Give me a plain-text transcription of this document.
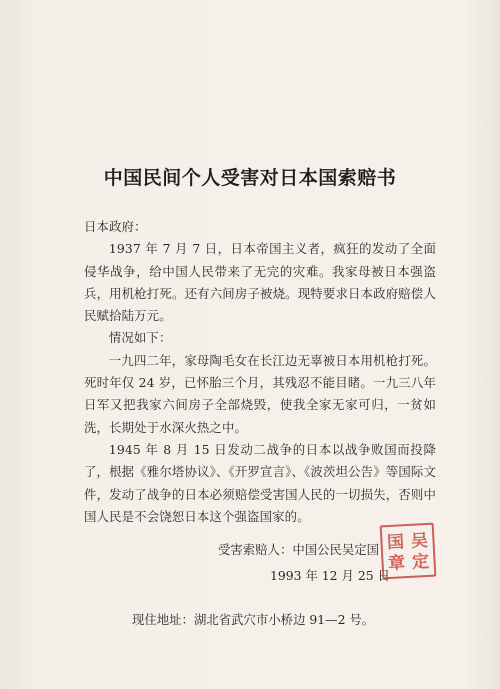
中国民间个人受害对日本国索赔书

日本政府：

1937 年 7 月 7 日，日本帝国主义者，疯狂的发动了全面侵华战争，给中国人民带来了无完的灾难。我家母被日本强盗兵，用机枪打死。还有六间房子被烧。现特要求日本政府赔偿人民赋拾陆万元。

情况如下：

一九四二年，家母陶毛女在长江边无辜被日本用机枪打死。死时年仅 24 岁，已怀胎三个月，其残忍不能目睹。一九三八年日军又把我家六间房子全部烧毁，使我全家无家可归，一贫如洗，长期处于水深火热之中。

1945 年 8 月 15 日发动二战争的日本以战争败国而投降了，根据《雅尔塔协议》、《开罗宣言》、《波茨坦公告》等国际文件，发动了战争的日本必须赔偿受害国人民的一切损失，否则中国人民是不会饶恕日本这个强盗国家的。

受害索赔人：中国公民吴定国
1993 年 12 月 25 日
吴
定
国
章
现住地址：湖北省武穴市小桥边 91—2 号。
